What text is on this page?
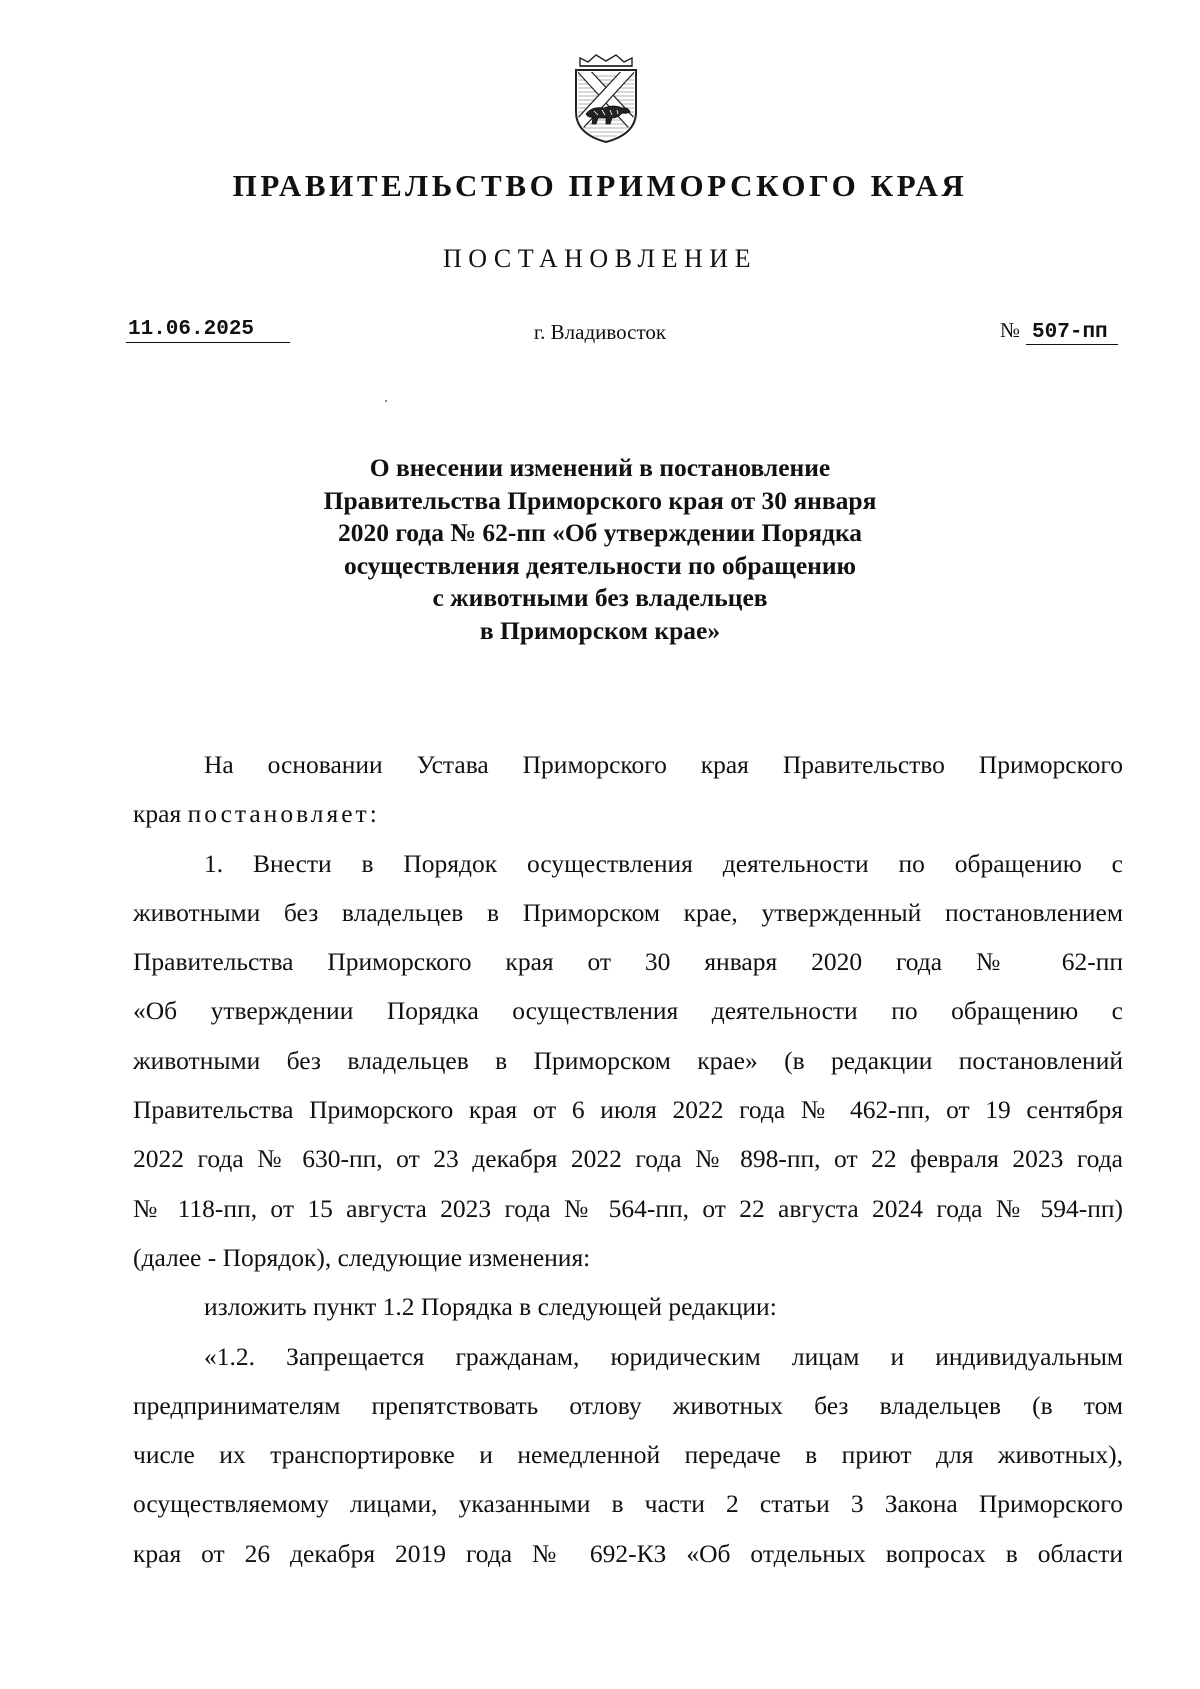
ПРАВИТЕЛЬСТВО ПРИМОРСКОГО КРАЯ
ПОСТАНОВЛЕНИЕ
11.06.2025	г. Владивосток	№ 507-пп
О внесении изменений в постановление
Правительства Приморского края от 30 января
2020 года № 62-пп «Об утверждении Порядка
осуществления деятельности по обращению
с животными без владельцев
в Приморском крае»

На основании Устава Приморского края Правительство Приморского
края постановляет:

1. Внести в Порядок осуществления деятельности по обращению с
животными без владельцев в Приморском крае, утвержденный постановлением
Правительства Приморского края от 30 января 2020 года № 62-пп
«Об утверждении Порядка осуществления деятельности по обращению с
животными без владельцев в Приморском крае» (в редакции постановлений
Правительства Приморского края от 6 июля 2022 года № 462-пп, от 19 сентября
2022 года № 630-пп, от 23 декабря 2022 года № 898-пп, от 22 февраля 2023 года
№ 118-пп, от 15 августа 2023 года № 564-пп, от 22 августа 2024 года № 594-пп)
(далее - Порядок), следующие изменения:

изложить пункт 1.2 Порядка в следующей редакции:

«1.2. Запрещается гражданам, юридическим лицам и индивидуальным
предпринимателям препятствовать отлову животных без владельцев (в том
числе их транспортировке и немедленной передаче в приют для животных),
осуществляемому лицами, указанными в части 2 статьи 3 Закона Приморского
края от 26 декабря 2019 года № 692-КЗ «Об отдельных вопросах в области
